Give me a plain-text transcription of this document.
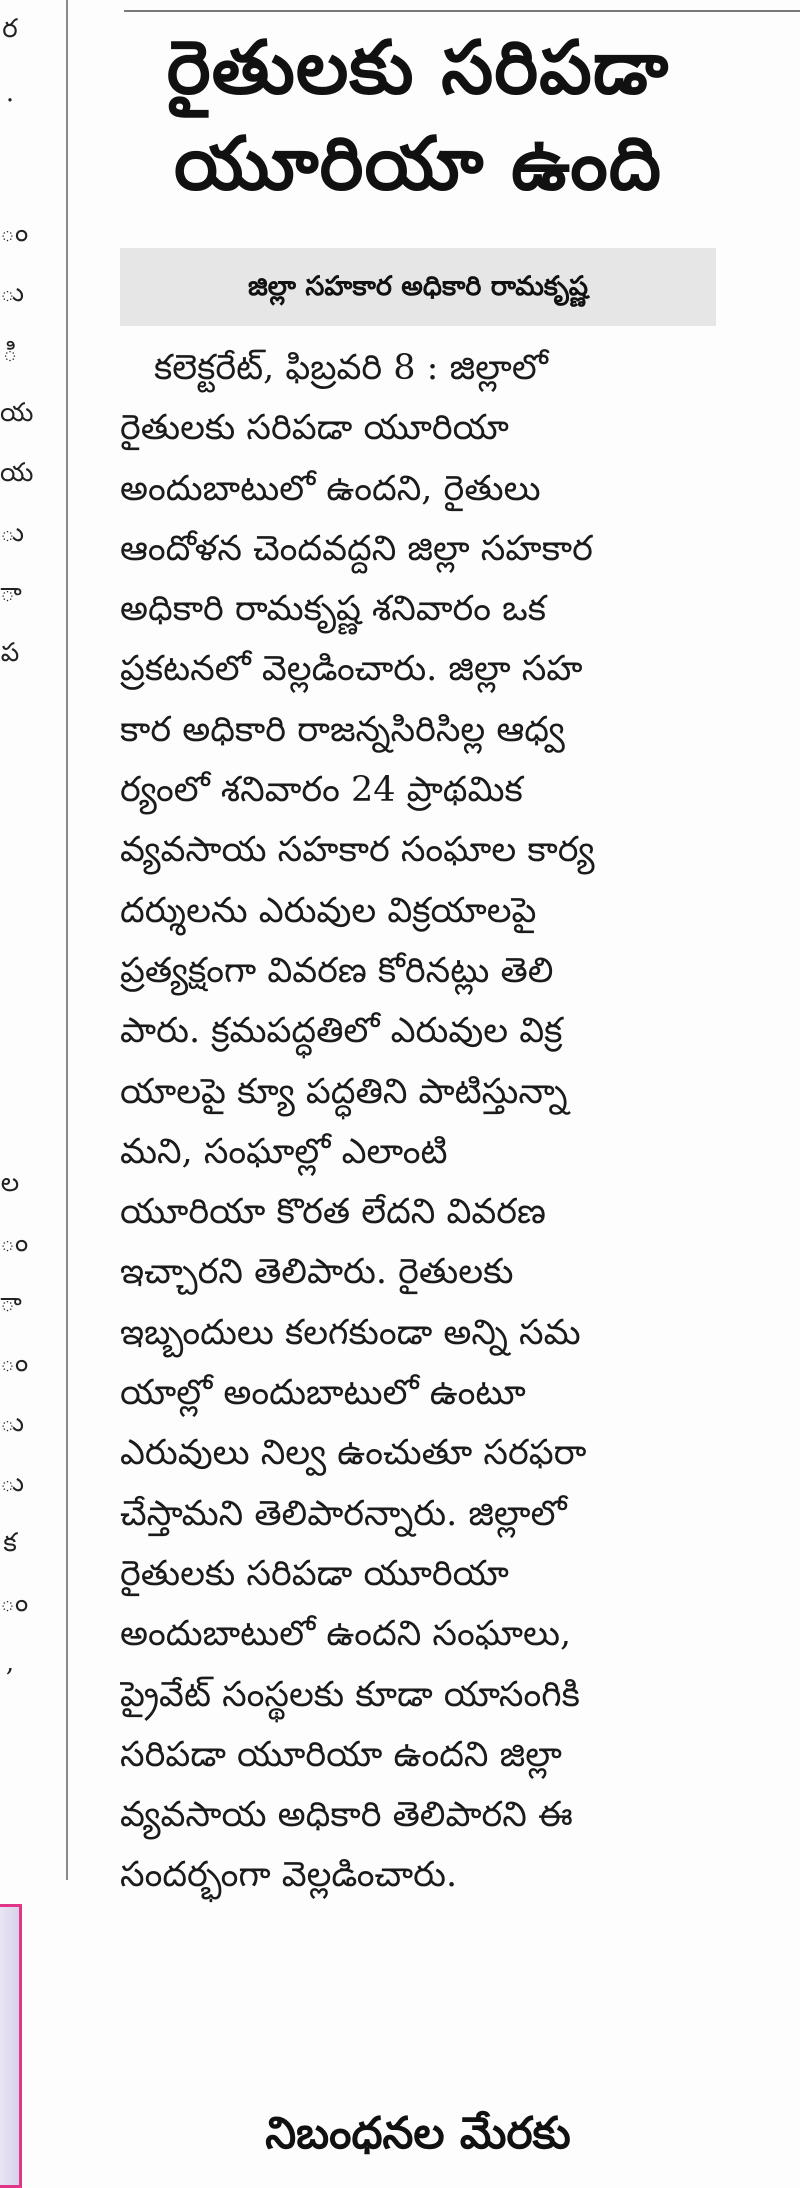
ర
.
ం
ు
ి
య
య
ు
ా
ప
ల
ం
ా
ం
ు
ు
క
ం
,
రైతులకు సరిపడా
యూరియా ఉంది
జిల్లా సహకార అధికారి రామకృష్ణ
కలెక్టరేట్, ఫిబ్రవరి 8 : జిల్లాలో
రైతులకు సరిపడా యూరియా
అందుబాటులో ఉందని, రైతులు
ఆందోళన చెందవద్దని జిల్లా సహకార
అధికారి రామకృష్ణ శనివారం ఒక
ప్రకటనలో వెల్లడించారు. జిల్లా సహ
కార అధికారి రాజన్నసిరిసిల్ల ఆధ్వ
ర్యంలో శనివారం 24 ప్రాథమిక
వ్యవసాయ సహకార సంఘాల కార్య
దర్శులను ఎరువుల విక్రయాలపై
ప్రత్యక్షంగా వివరణ కోరినట్లు తెలి
పారు. క్రమపద్ధతిలో ఎరువుల విక్ర
యాలపై క్యూ పద్ధతిని పాటిస్తున్నా
మని, సంఘాల్లో ఎలాంటి
యూరియా కొరత లేదని వివరణ
ఇచ్చారని తెలిపారు. రైతులకు
ఇబ్బందులు కలగకుండా అన్ని సమ
యాల్లో అందుబాటులో ఉంటూ
ఎరువులు నిల్వ ఉంచుతూ సరఫరా
చేస్తామని తెలిపారన్నారు. జిల్లాలో
రైతులకు సరిపడా యూరియా
అందుబాటులో ఉందని సంఘాలు,
ప్రైవేట్ సంస్థలకు కూడా యాసంగికి
సరిపడా యూరియా ఉందని జిల్లా
వ్యవసాయ అధికారి తెలిపారని ఈ
సందర్భంగా వెల్లడించారు.
నిబంధనల మేరకు
